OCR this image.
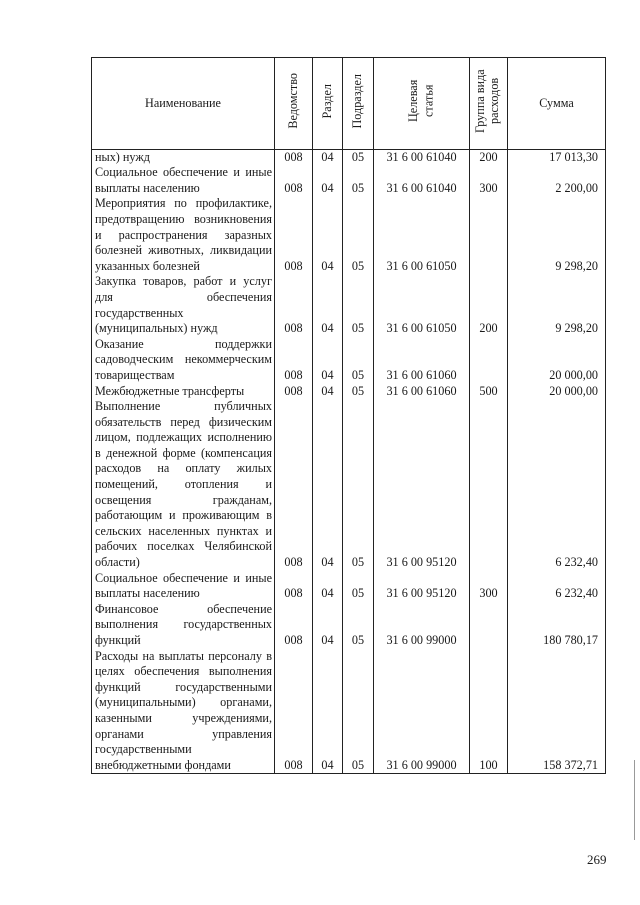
Наименование	Ведомство	Раздел	Подраздел	Целевая статья	Группа вида расходов	Сумма
ных) нужд	008	04	05	31 6 00 61040	200	17 013,30
Социальное обеспечение и иные выплаты населению	008	04	05	31 6 00 61040	300	2 200,00
Мероприятия по профилактике, предотвращению возникновения и распространения заразных болезней животных, ликвидации указанных болезней	008	04	05	31 6 00 61050		9 298,20
Закупка товаров, работ и услуг для обеспечения государственных (муниципальных) нужд	008	04	05	31 6 00 61050	200	9 298,20
Оказание поддержки садоводческим некоммерческим товариществам	008	04	05	31 6 00 61060		20 000,00
Межбюджетные трансферты	008	04	05	31 6 00 61060	500	20 000,00
Выполнение публичных обязательств перед физическим лицом, подлежащих исполнению в денежной форме (компенсация расходов на оплату жилых помещений, отопления и освещения гражданам, работающим и проживающим в сельских населенных пунктах и рабочих поселках Челябинской области)	008	04	05	31 6 00 95120		6 232,40
Социальное обеспечение и иные выплаты населению	008	04	05	31 6 00 95120	300	6 232,40
Финансовое обеспечение выполнения государственных функций	008	04	05	31 6 00 99000		180 780,17
Расходы на выплаты персоналу в целях обеспечения выполнения функций государственными (муниципальными) органами, казенными учреждениями, органами управления государственными внебюджетными фондами	008	04	05	31 6 00 99000	100	158 372,71
269
